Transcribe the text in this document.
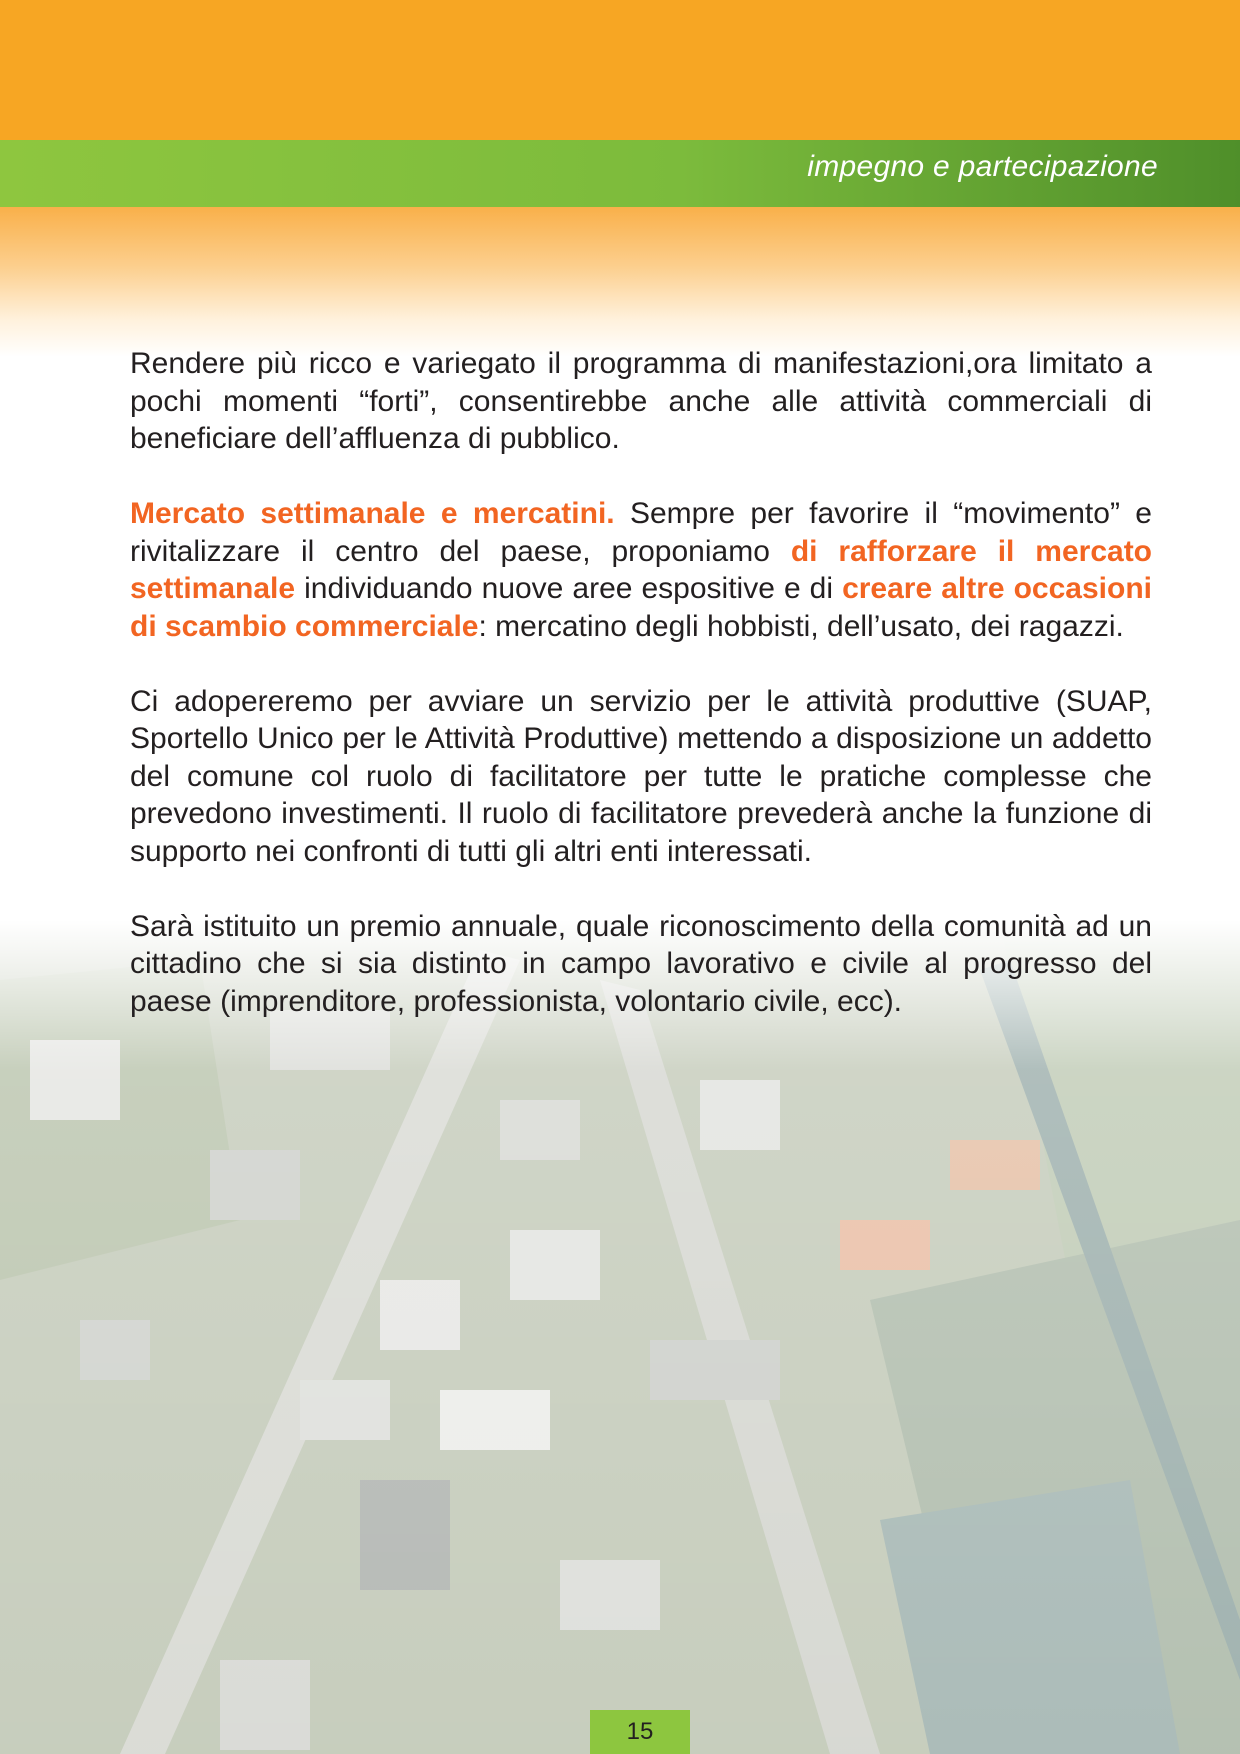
impegno e partecipazione

Rendere più ricco e variegato il programma di manifestazioni,ora limitato a pochi momenti “forti”, consentirebbe anche alle attività commerciali di beneficiare dell’affluenza di pubblico.

Mercato settimanale e mercatini. Sempre per favorire il “movimento” e rivitalizzare il centro del paese, proponiamo di rafforzare il mercato settimanale individuando nuove aree espositive e di creare altre occasioni di scambio commerciale: mercatino degli hobbisti, dell’usato, dei ragazzi.

Ci adopereremo per avviare un servizio per le attività produttive (SUAP, Sportello Unico per le Attività Produttive) mettendo a disposizione un addetto del comune col ruolo di facilitatore per tutte le pratiche complesse che prevedono investimenti. Il ruolo di facilitatore prevederà anche la funzione di supporto nei confronti di tutti gli altri enti interessati.

Sarà istituito un premio annuale, quale riconoscimento della comunità ad un cittadino che si sia distinto in campo lavorativo e civile al progresso del paese (imprenditore, professionista, volontario civile, ecc).

15
